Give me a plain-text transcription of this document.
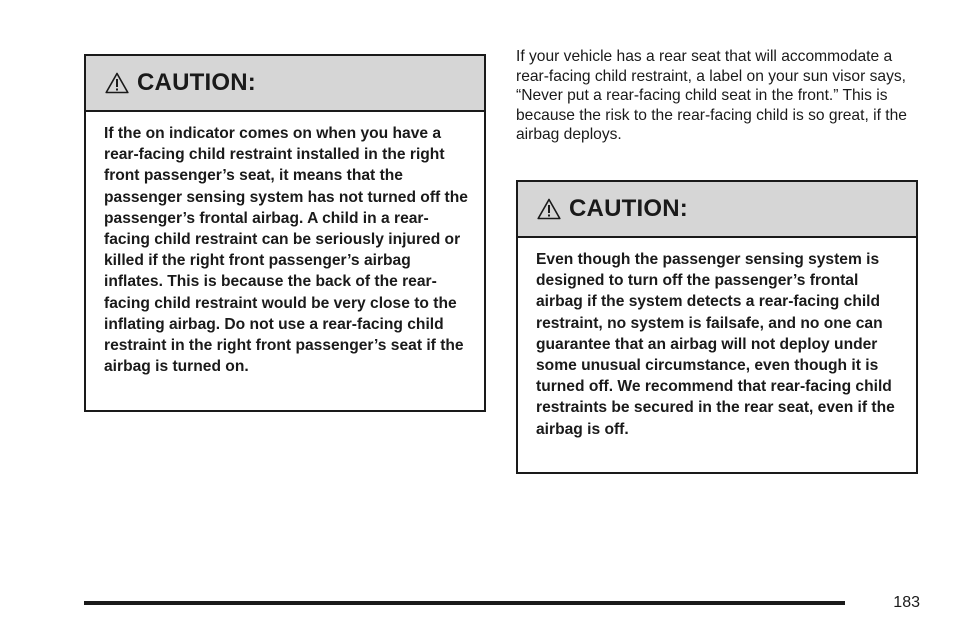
CAUTION:
If the on indicator comes on when you have a rear-facing child restraint installed in the right front passenger’s seat, it means that the passenger sensing system has not turned off the passenger’s frontal airbag. A child in a rear-facing child restraint can be seriously injured or killed if the right front passenger’s airbag inflates. This is because the back of the rear-facing child restraint would be very close to the inflating airbag. Do not use a rear-facing child restraint in the right front passenger’s seat if the airbag is turned on.
If your vehicle has a rear seat that will accommodate a rear-facing child restraint, a label on your sun visor says, “Never put a rear-facing child seat in the front.” This is because the risk to the rear-facing child is so great, if the airbag deploys.
CAUTION:
Even though the passenger sensing system is designed to turn off the passenger’s frontal airbag if the system detects a rear-facing child restraint, no system is failsafe, and no one can guarantee that an airbag will not deploy under some unusual circumstance, even though it is turned off. We recommend that rear-facing child restraints be secured in the rear seat, even if the airbag is off.
183
